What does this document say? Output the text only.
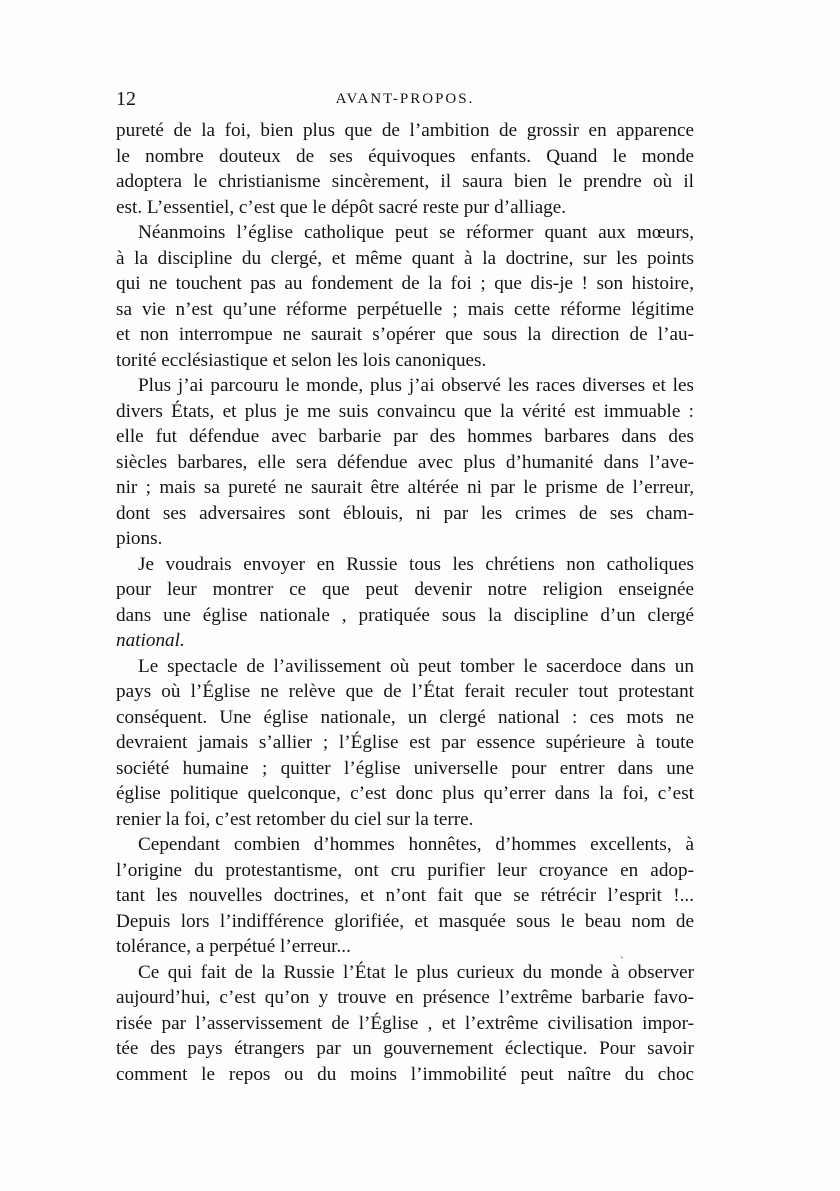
12	AVANT-PROPOS.

pureté de la foi, bien plus que de l’ambition de grossir en apparence
le nombre douteux de ses équivoques enfants. Quand le monde
adoptera le christianisme sincèrement, il saura bien le prendre où il
est. L’essentiel, c’est que le dépôt sacré reste pur d’alliage.

Néanmoins l’église catholique peut se réformer quant aux mœurs,
à la discipline du clergé, et même quant à la doctrine, sur les points
qui ne touchent pas au fondement de la foi ; que dis-je ! son histoire,
sa vie n’est qu’une réforme perpétuelle ; mais cette réforme légitime
et non interrompue ne saurait s’opérer que sous la direction de l’au-
torité ecclésiastique et selon les lois canoniques.

Plus j’ai parcouru le monde, plus j’ai observé les races diverses et les
divers États, et plus je me suis convaincu que la vérité est immuable :
elle fut défendue avec barbarie par des hommes barbares dans des
siècles barbares, elle sera défendue avec plus d’humanité dans l’ave-
nir ; mais sa pureté ne saurait être altérée ni par le prisme de l’erreur,
dont ses adversaires sont éblouis, ni par les crimes de ses cham-
pions.

Je voudrais envoyer en Russie tous les chrétiens non catholiques
pour leur montrer ce que peut devenir notre religion enseignée
dans une église nationale , pratiquée sous la discipline d’un clergé
national.

Le spectacle de l’avilissement où peut tomber le sacerdoce dans un
pays où l’Église ne relève que de l’État ferait reculer tout protestant
conséquent. Une église nationale, un clergé national : ces mots ne
devraient jamais s’allier ; l’Église est par essence supérieure à toute
société humaine ; quitter l’église universelle pour entrer dans une
église politique quelconque, c’est donc plus qu’errer dans la foi, c’est
renier la foi, c’est retomber du ciel sur la terre.

Cependant combien d’hommes honnêtes, d’hommes excellents, à
l’origine du protestantisme, ont cru purifier leur croyance en adop-
tant les nouvelles doctrines, et n’ont fait que se rétrécir l’esprit !...
Depuis lors l’indifférence glorifiée, et masquée sous le beau nom de
tolérance, a perpétué l’erreur...

Ce qui fait de la Russie l’État le plus curieux du monde à observer
aujourd’hui, c’est qu’on y trouve en présence l’extrême barbarie favo-
risée par l’asservissement de l’Église , et l’extrême civilisation impor-
tée des pays étrangers par un gouvernement éclectique. Pour savoir
comment le repos ou du moins l’immobilité peut naître du choc

ˏ
